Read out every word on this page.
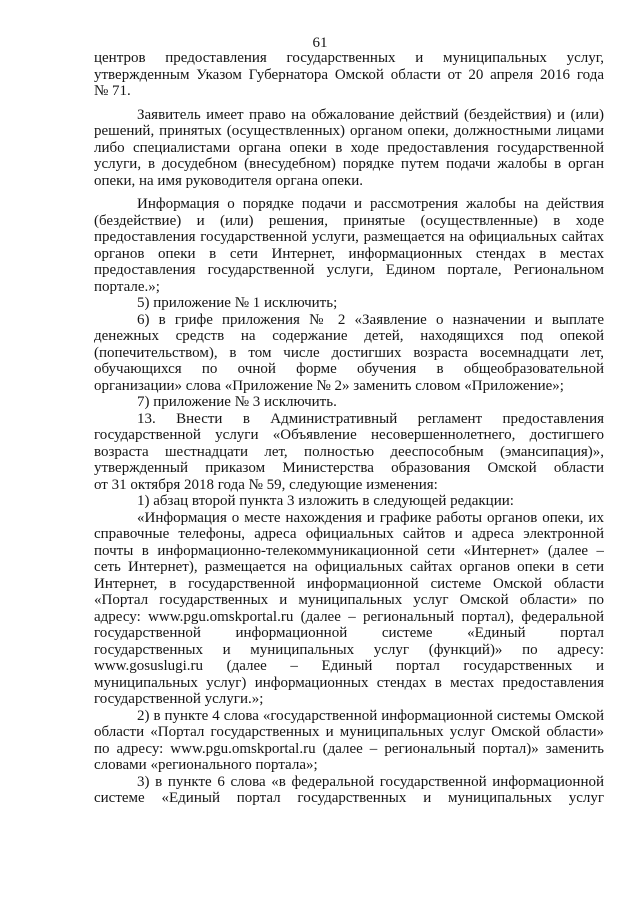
61
центров предоставления государственных и муниципальных услуг,
утвержденным Указом Губернатора Омской области от 20 апреля 2016 года
№ 71.
Заявитель имеет право на обжалование действий (бездействия) и (или)
решений, принятых (осуществленных) органом опеки, должностными лицами
либо специалистами органа опеки в ходе предоставления государственной
услуги, в досудебном (внесудебном) порядке путем подачи жалобы в орган
опеки, на имя руководителя органа опеки.
Информация о порядке подачи и рассмотрения жалобы на действия
(бездействие) и (или) решения, принятые (осуществленные) в ходе
предоставления государственной услуги, размещается на официальных сайтах
органов опеки в сети Интернет, информационных стендах в местах
предоставления государственной услуги, Едином портале, Региональном
портале.»;
5) приложение № 1 исключить;
6) в грифе приложения № 2 «Заявление о назначении и выплате
денежных средств на содержание детей, находящихся под опекой
(попечительством), в том числе достигших возраста восемнадцати лет,
обучающихся по очной форме обучения в общеобразовательной
организации» слова «Приложение № 2» заменить словом «Приложение»;
7) приложение № 3 исключить.
13. Внести в Административный регламент предоставления
государственной услуги «Объявление несовершеннолетнего, достигшего
возраста шестнадцати лет, полностью дееспособным (эмансипация)»,
утвержденный приказом Министерства образования Омской области
от 31 октября 2018 года № 59, следующие изменения:
1) абзац второй пункта 3 изложить в следующей редакции:
«Информация о месте нахождения и графике работы органов опеки, их
справочные телефоны, адреса официальных сайтов и адреса электронной
почты в информационно-телекоммуникационной сети «Интернет» (далее –
сеть Интернет), размещается на официальных сайтах органов опеки в сети
Интернет, в государственной информационной системе Омской области
«Портал государственных и муниципальных услуг Омской области» по
адресу: www.pgu.omskportal.ru (далее – региональный портал), федеральной
государственной информационной системе «Единый портал
государственных и муниципальных услуг (функций)» по адресу:
www.gosuslugi.ru (далее – Единый портал государственных и
муниципальных услуг) информационных стендах в местах предоставления
государственной услуги.»;
2) в пункте 4 слова «государственной информационной системы Омской
области «Портал государственных и муниципальных услуг Омской области»
по адресу: www.pgu.omskportal.ru (далее – региональный портал)» заменить
словами «регионального портала»;
3) в пункте 6 слова «в федеральной государственной информационной
системе «Единый портал государственных и муниципальных услуг
